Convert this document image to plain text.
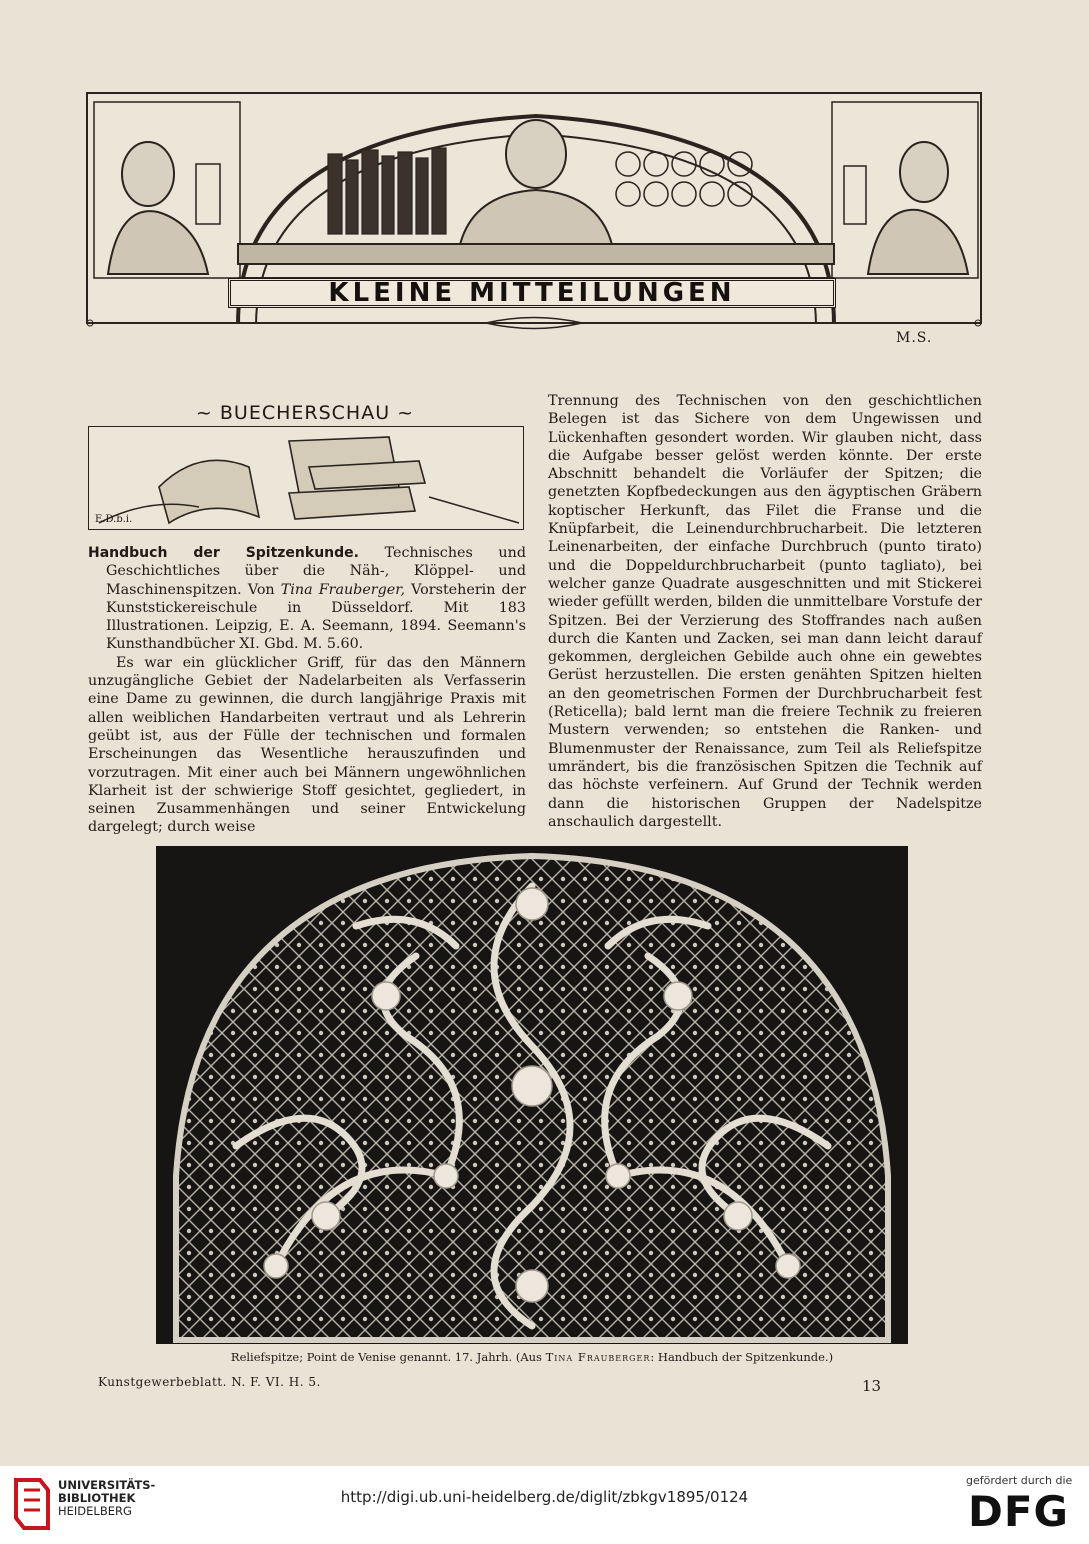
KLEINE MITTEILUNGEN
M.S.
~ BUECHERSCHAU ~
E.D.b.i.

Handbuch der Spitzenkunde. Technisches und Geschichtliches über die Näh-, Klöppel- und Maschinenspitzen. Von Tina Frauberger, Vorsteherin der Kunststickereischule in Düsseldorf. Mit 183 Illustrationen. Leipzig, E. A. Seemann, 1894. Seemann's Kunsthandbücher XI. Gbd. M. 5.60.

Es war ein glücklicher Griff, für das den Männern unzugängliche Gebiet der Nadelarbeiten als Verfasserin eine Dame zu gewinnen, die durch langjährige Praxis mit allen weiblichen Handarbeiten vertraut und als Lehrerin geübt ist, aus der Fülle der technischen und formalen Erscheinungen das Wesentliche herauszufinden und vorzutragen. Mit einer auch bei Männern ungewöhnlichen Klarheit ist der schwierige Stoff gesichtet, gegliedert, in seinen Zusammenhängen und seiner Entwickelung dargelegt; durch weise

Trennung des Technischen von den geschichtlichen Belegen ist das Sichere von dem Ungewissen und Lückenhaften gesondert worden. Wir glauben nicht, dass die Aufgabe besser gelöst werden könnte. Der erste Abschnitt behandelt die Vorläufer der Spitzen; die genetzten Kopfbedeckungen aus den ägyptischen Gräbern koptischer Herkunft, das Filet die Franse und die Knüpfarbeit, die Leinendurchbrucharbeit. Die letzteren Leinenarbeiten, der einfache Durchbruch (punto tirato) und die Doppeldurchbrucharbeit (punto tagliato), bei welcher ganze Quadrate ausgeschnitten und mit Stickerei wieder gefüllt werden, bilden die unmittelbare Vorstufe der Spitzen. Bei der Verzierung des Stoffrandes nach außen durch die Kanten und Zacken, sei man dann leicht darauf gekommen, dergleichen Gebilde auch ohne ein gewebtes Gerüst herzustellen. Die ersten genähten Spitzen hielten an den geometrischen Formen der Durchbrucharbeit fest (Reticella); bald lernt man die freiere Technik zu freieren Mustern verwenden; so entstehen die Ranken- und Blumenmuster der Renaissance, zum Teil als Reliefspitze umrändert, bis die französischen Spitzen die Technik auf das höchste verfeinern. Auf Grund der Technik werden dann die historischen Gruppen der Nadelspitze anschaulich dargestellt.

Reliefspitze; Point de Venise genannt. 17. Jahrh. (Aus Tina Frauberger: Handbuch der Spitzenkunde.)
Kunstgewerbeblatt. N. F. VI. H. 5.	13
UNIVERSITÄTS-
BIBLIOTHEK
HEIDELBERG
http://digi.ub.uni-heidelberg.de/diglit/zbkgv1895/0124
gefördert durch die
DFG
